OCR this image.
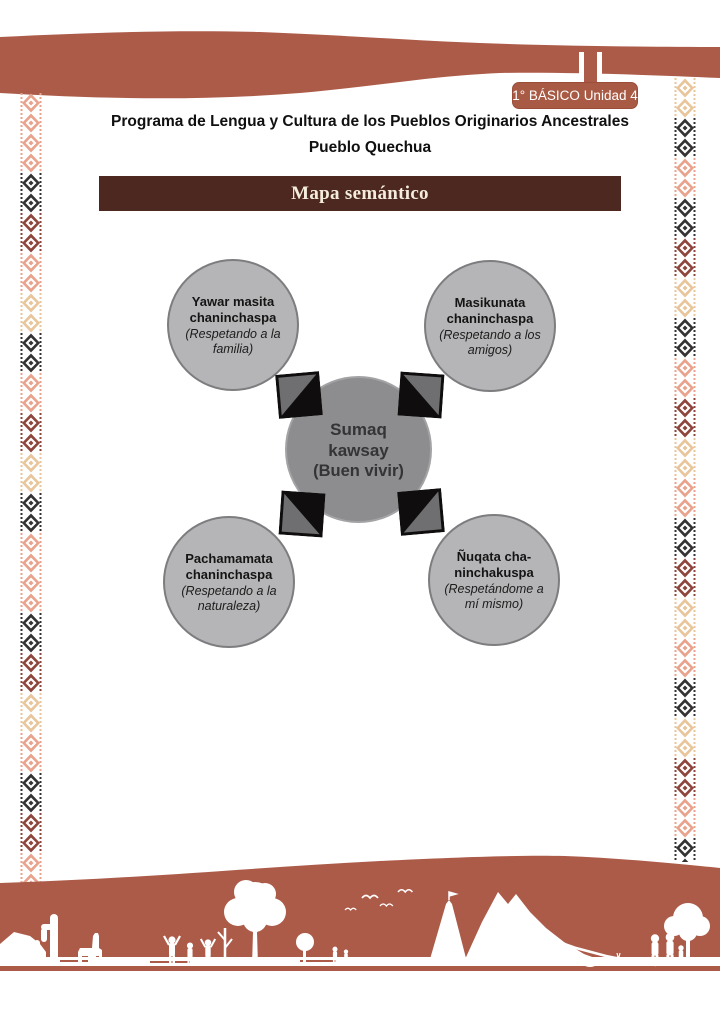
1° BÁSICO Unidad 4
Programa de Lengua y Cultura de los Pueblos Originarios Ancestrales
Pueblo Quechua
Mapa semántico
Yawar masita chaninchaspa
(Respetando a la familia)
Masikunata chaninchaspa
(Respetando a los amigos)
Pachamamata chaninchaspa
(Respetando a la naturaleza)
Ñuqata cha-ninchakuspa
(Respetándome a mí mismo)
Sumaq kawsay
(Buen vivir)
